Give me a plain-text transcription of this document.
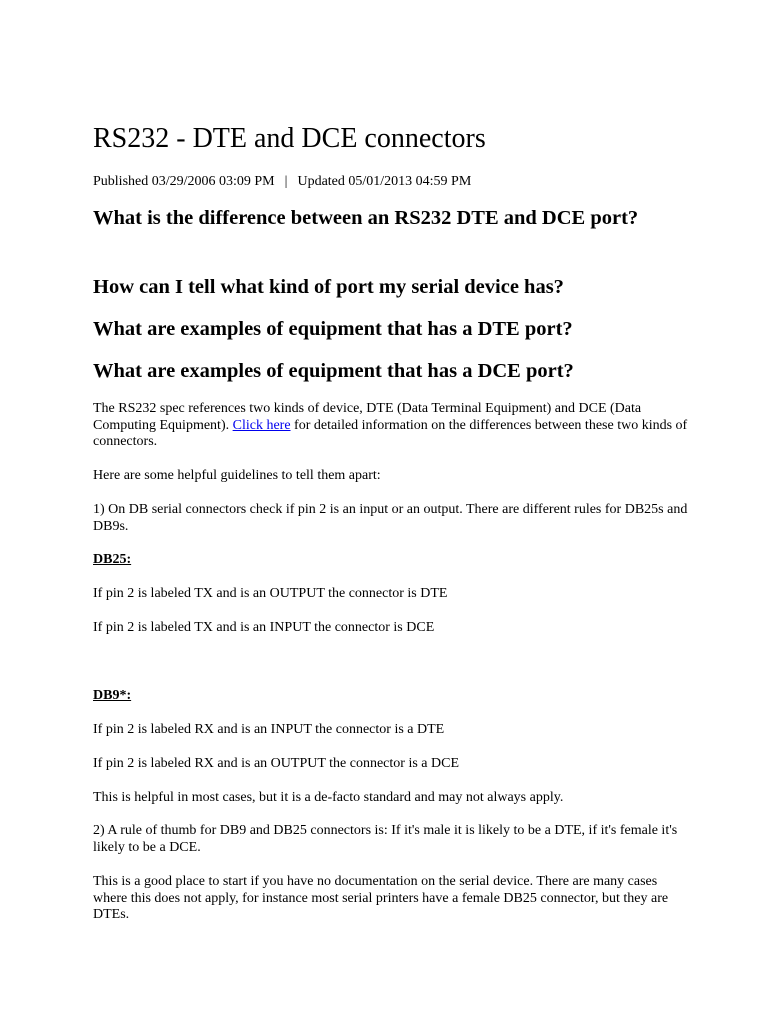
RS232 - DTE and DCE connectors
Published 03/29/2006 03:09 PM | Updated 05/01/2013 04:59 PM
What is the difference between an RS232 DTE and DCE port?
How can I tell what kind of port my serial device has?
What are examples of equipment that has a DTE port?
What are examples of equipment that has a DCE port?

The RS232 spec references two kinds of device, DTE (Data Terminal Equipment) and DCE (Data Computing Equipment). Click here for detailed information on the differences between these two kinds of connectors.

Here are some helpful guidelines to tell them apart:

1) On DB serial connectors check if pin 2 is an input or an output. There are different rules for DB25s and DB9s.

DB25:

If pin 2 is labeled TX and is an OUTPUT the connector is DTE

If pin 2 is labeled TX and is an INPUT the connector is DCE

DB9*:

If pin 2 is labeled RX and is an INPUT the connector is a DTE

If pin 2 is labeled RX and is an OUTPUT the connector is a DCE

This is helpful in most cases, but it is a de-facto standard and may not always apply.

2) A rule of thumb for DB9 and DB25 connectors is: If it's male it is likely to be a DTE, if it's female it's likely to be a DCE.

This is a good place to start if you have no documentation on the serial device. There are many cases where this does not apply, for instance most serial printers have a female DB25 connector, but they are DTEs.
